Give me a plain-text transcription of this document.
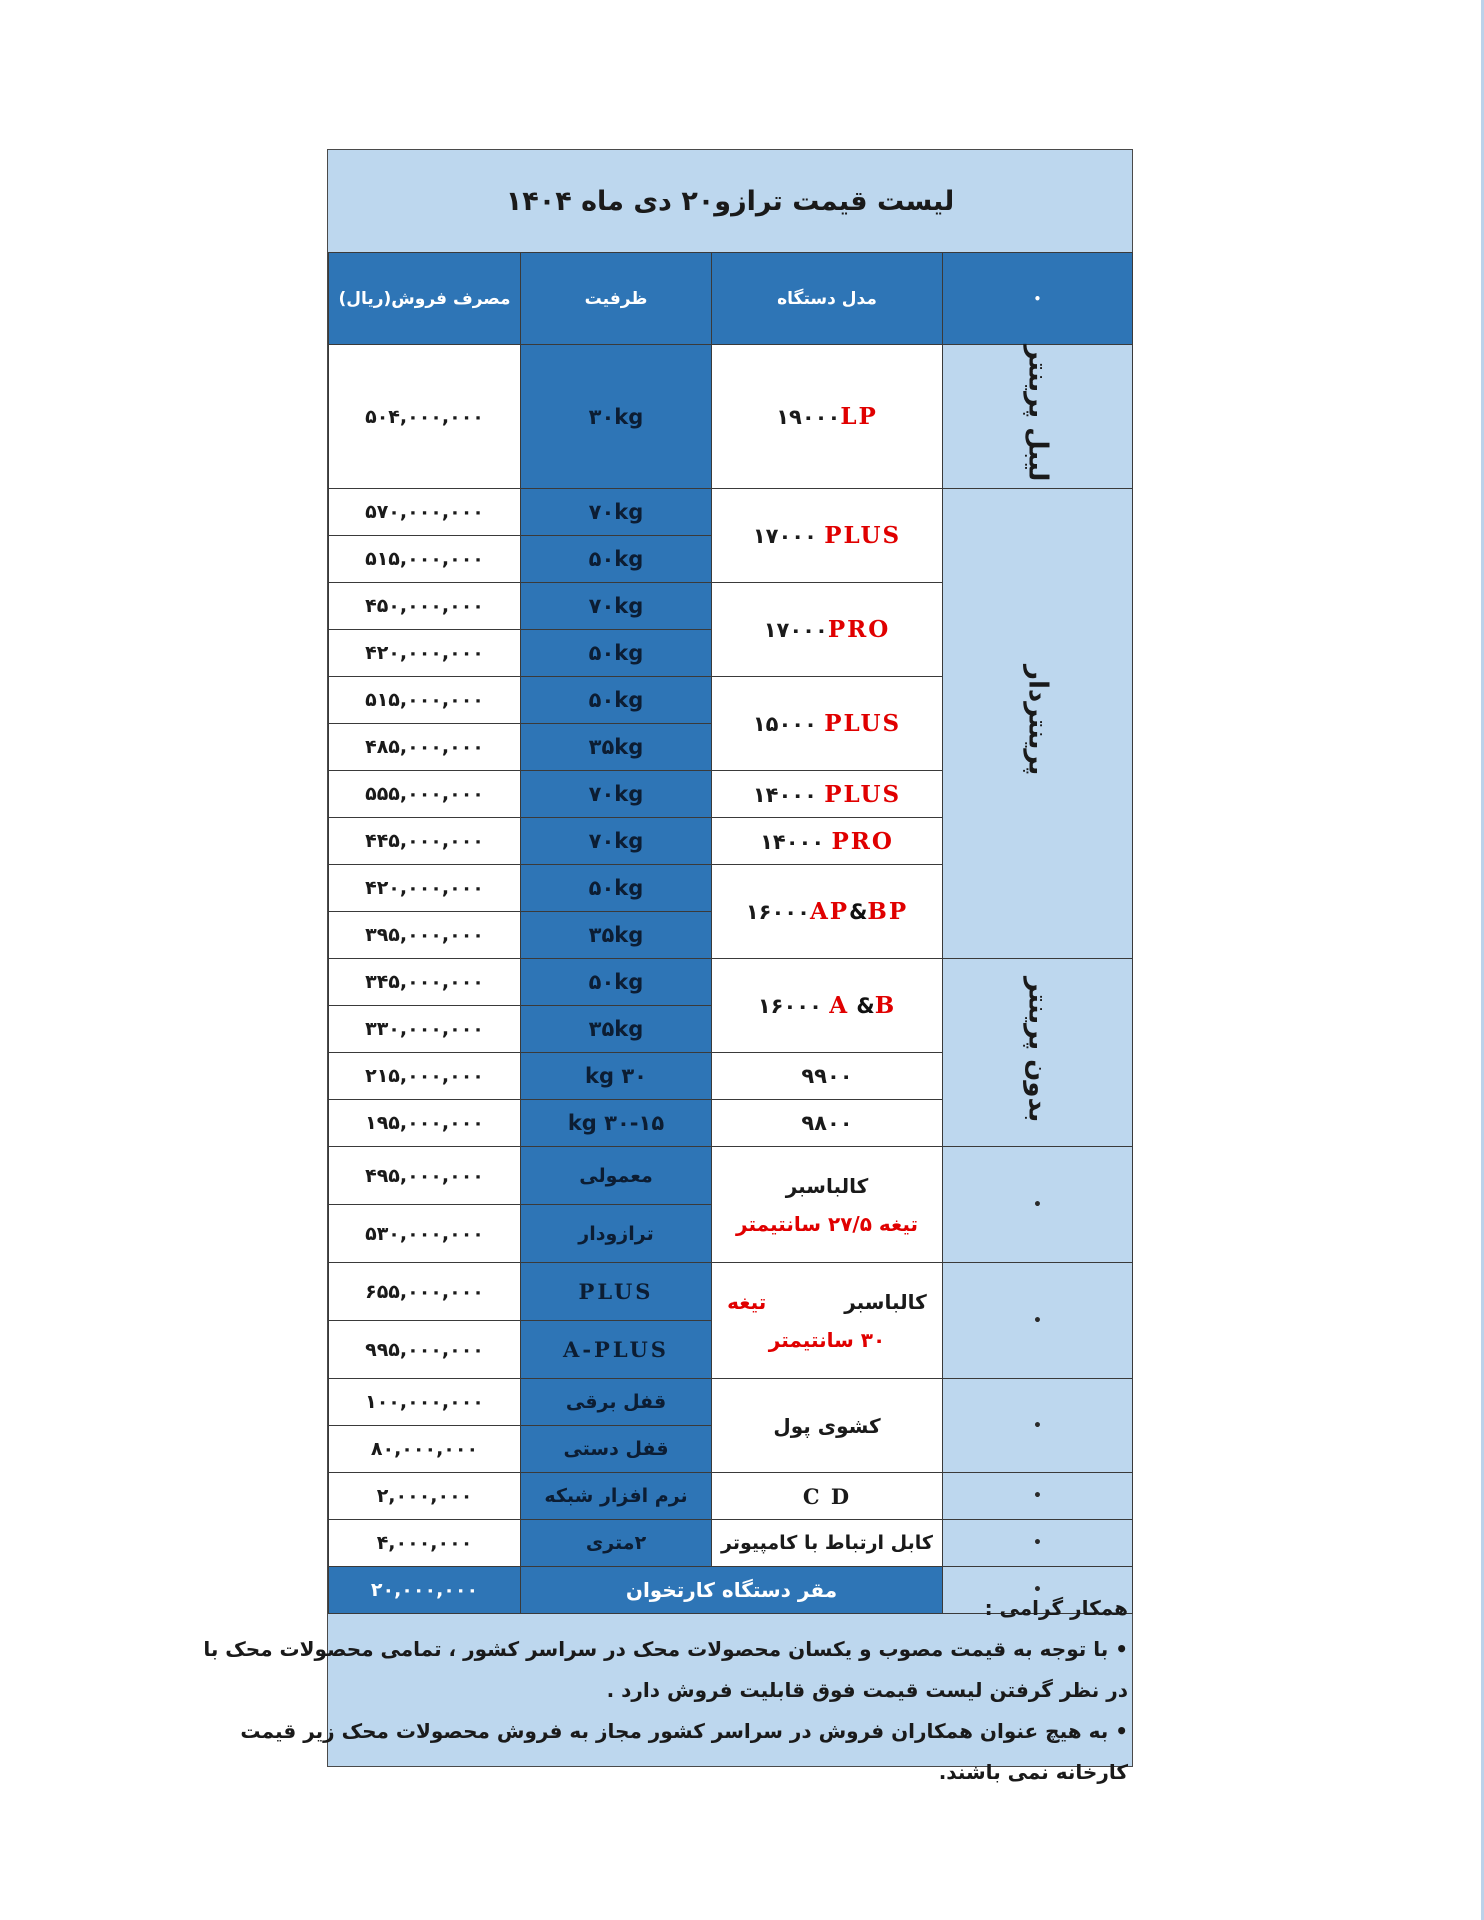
لیست قیمت ترازو۲۰ دی ماه ۱۴۰۴
•	مدل دستگاه	ظرفیت	مصرف فروش(ریال)
لیبل پرینتر	۱۹۰۰۰LP	۳۰kg	۵۰۴,۰۰۰,۰۰۰
پرینتردار	۱۷۰۰۰ PLUS	۷۰kg	۵۷۰,۰۰۰,۰۰۰
		۵۰kg	۵۱۵,۰۰۰,۰۰۰
	۱۷۰۰۰PRO	۷۰kg	۴۵۰,۰۰۰,۰۰۰
		۵۰kg	۴۲۰,۰۰۰,۰۰۰
	۱۵۰۰۰ PLUS	۵۰kg	۵۱۵,۰۰۰,۰۰۰
		۳۵kg	۴۸۵,۰۰۰,۰۰۰
	۱۴۰۰۰ PLUS	۷۰kg	۵۵۵,۰۰۰,۰۰۰
	۱۴۰۰۰ PRO	۷۰kg	۴۴۵,۰۰۰,۰۰۰
	۱۶۰۰۰AP&BP	۵۰kg	۴۲۰,۰۰۰,۰۰۰
		۳۵kg	۳۹۵,۰۰۰,۰۰۰
بدون پرینتر	۱۶۰۰۰ A &B	۵۰kg	۳۴۵,۰۰۰,۰۰۰
		۳۵kg	۳۳۰,۰۰۰,۰۰۰
	۹۹۰۰	۳۰ kg	۲۱۵,۰۰۰,۰۰۰
	۹۸۰۰	۳۰-۱۵ kg	۱۹۵,۰۰۰,۰۰۰
•	کالباسبر
تیغه ۲۷/۵ سانتیمتر	معمولی	۴۹۵,۰۰۰,۰۰۰
		ترازودار	۵۳۰,۰۰۰,۰۰۰
•	کالباسبر  تیغه
۳۰ سانتیمتر	PLUS	۶۵۵,۰۰۰,۰۰۰
		A-PLUS	۹۹۵,۰۰۰,۰۰۰
•	کشوی پول	قفل برقی	۱۰۰,۰۰۰,۰۰۰
		قفل دستی	۸۰,۰۰۰,۰۰۰
•	C D	نرم افزار شبکه	۲,۰۰۰,۰۰۰
•	کابل ارتباط با کامپیوتر	۲متری	۴,۰۰۰,۰۰۰
•	مقر دستگاه کارتخوان		۲۰,۰۰۰,۰۰۰
همکار گرامی :
• با توجه به قیمت مصوب و یکسان محصولات محک در سراسر کشور ، تمامی محصولات محک با
در نظر گرفتن لیست قیمت فوق قابلیت فروش دارد .
• به هیچ عنوان همکاران فروش در سراسر کشور مجاز به فروش محصولات محک زیر قیمت
کارخانه نمی باشند.
